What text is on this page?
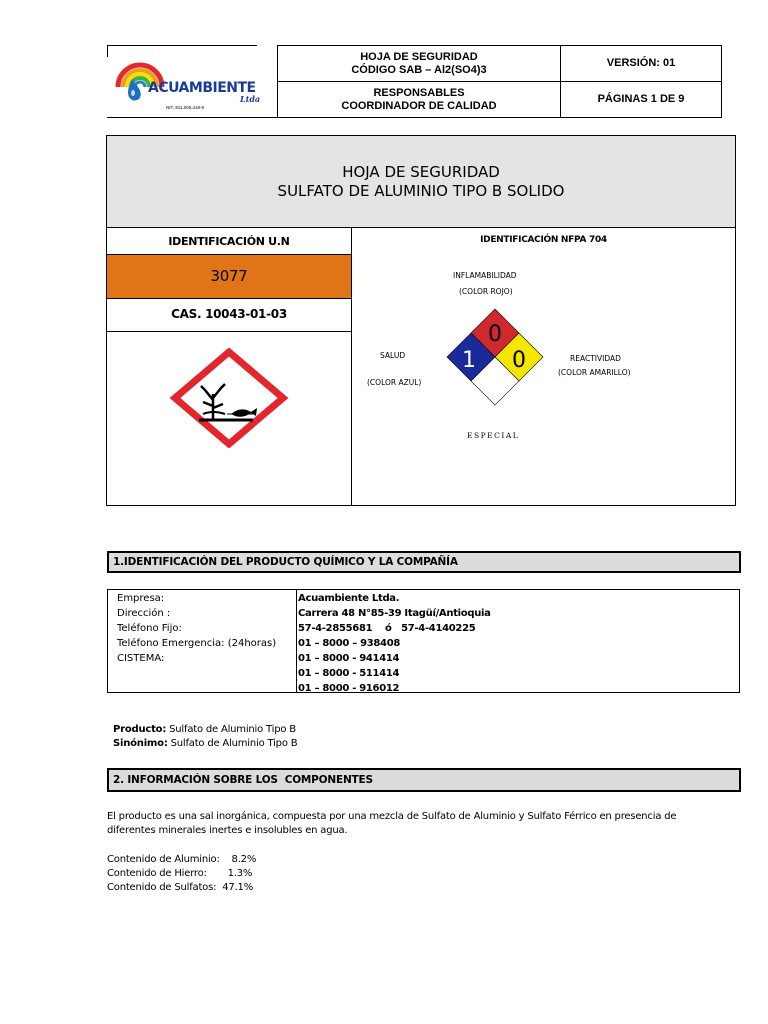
ACUAMBIENTE
Ltda
NIT. 811.005.418-5
HOJA DE SEGURIDAD
CÓDIGO SAB – Al2(SO4)3
VERSIÓN: 01
RESPONSABLES
COORDINADOR DE CALIDAD
PÁGINAS 1 DE 9
HOJA DE SEGURIDAD
SULFATO DE ALUMINIO TIPO B SOLIDO
IDENTIFICACIÓN U.N
3077
CAS. 10043-01-03
IDENTIFICACIÓN NFPA 704
INFLAMABILIDAD
(COLOR ROJO)
SALUD
(COLOR AZUL)
REACTIVIDAD
(COLOR AMARILLO)
ESPECIAL
0
1 0
1.IDENTIFICACIÓN DEL PRODUCTO QUÍMICO Y LA COMPAÑÍA
Empresa:
Dirección :
Teléfono Fijo:
Teléfono Emergencia: (24horas)
CISTEMA:
Acuambiente Ltda.
Carrera 48 N°85-39 Itagüí/Antioquia
57-4-2855681    ó   57-4-4140225
01 – 8000 – 938408
01 – 8000 - 941414
01 – 8000 - 511414
01 – 8000 - 916012

Producto: Sulfato de Aluminio Tipo B

Sinónimo: Sulfato de Aluminio Tipo B

2. INFORMACIÓN SOBRE LOS  COMPONENTES
El producto es una sal inorgánica, compuesta por una mezcla de Sulfato de Aluminio y Sulfato Férrico en presencia de
diferentes minerales inertes e insolubles en agua.
Contenido de Aluminio:    8.2%
Contenido de Hierro:       1.3%
Contenido de Sulfatos:  47.1%
